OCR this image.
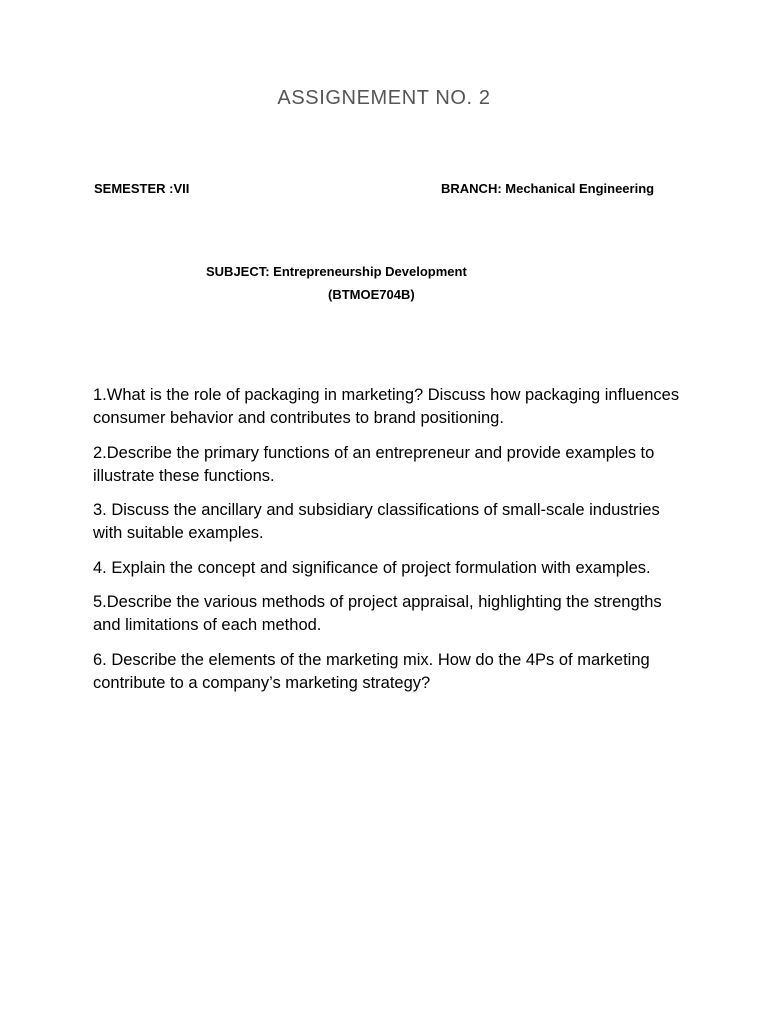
ASSIGNEMENT NO. 2
SEMESTER :VII	BRANCH: Mechanical Engineering
SUBJECT: Entrepreneurship Development
(BTMOE704B)
1.What is the role of packaging in marketing? Discuss how packaging influences consumer behavior and contributes to brand positioning.
2.Describe the primary functions of an entrepreneur and provide examples to illustrate these functions.
3. Discuss the ancillary and subsidiary classifications of small-scale industries with suitable examples.
4. Explain the concept and significance of project formulation with examples.
5.Describe the various methods of project appraisal, highlighting the strengths and limitations of each method.
6. Describe the elements of the marketing mix. How do the 4Ps of marketing contribute to a company’s marketing strategy?
